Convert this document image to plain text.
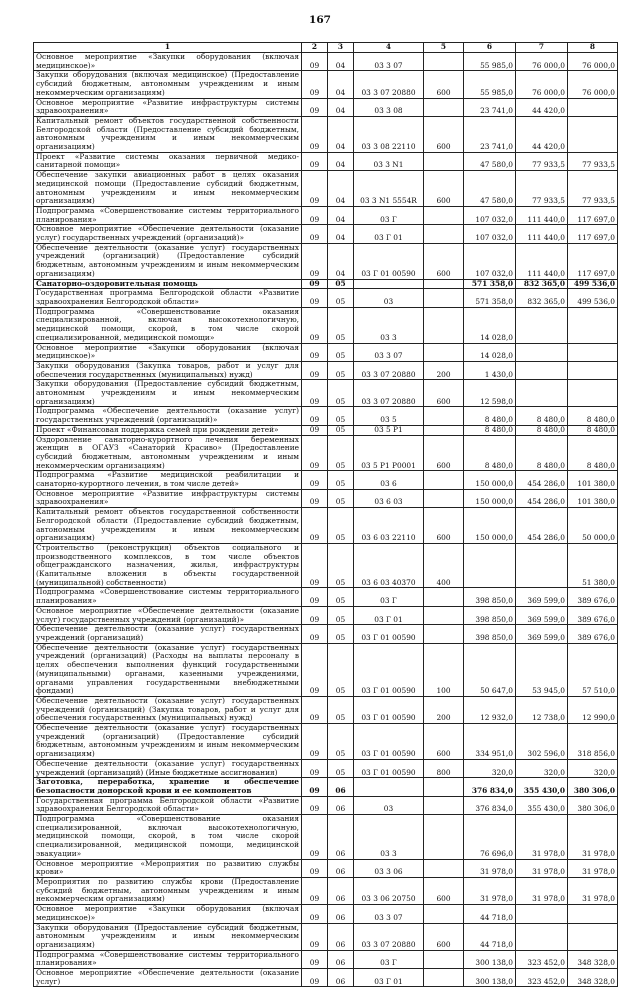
167
1	2	3	4	5	6	7	8
Основное мероприятие «Закупки оборудования (включая медицинское)»	09	04	03 3 07		55 985,0	76 000,0	76 000,0
Закупки оборудования (включая медицинское) (Предоставление субсидий бюджетным, автономным учреждениям и иным некоммерческим организациям)	09	04	03 3 07 20880	600	55 985,0	76 000,0	76 000,0
Основное мероприятие «Развитие инфраструктуры системы здравоохранения»	09	04	03 3 08		23 741,0	44 420,0	
Капитальный ремонт объектов государственной собственности Белгородской области (Предоставление субсидий бюджетным, автономным учреждениям и иным некоммерческим организациям)	09	04	03 3 08 22110	600	23 741,0	44 420,0	
Проект «Развитие системы оказания первичной медико-санитарной помощи»	09	04	03 3 N1		47 580,0	77 933,5	77 933,5
Обеспечение закупки авиационных работ в целях оказания медицинской помощи (Предоставление субсидий бюджетным, автономным учреждениям и иным некоммерческим организациям)	09	04	03 3 N1 5554R	600	47 580,0	77 933,5	77 933,5
Подпрограмма «Совершенствование системы территориального планирования»	09	04	03 Г		107 032,0	111 440,0	117 697,0
Основное мероприятие «Обеспечение деятельности (оказание услуг) государственных учреждений (организаций)»	09	04	03 Г 01		107 032,0	111 440,0	117 697,0
Обеспечение деятельности (оказание услуг) государственных учреждений (организаций) (Предоставление субсидий бюджетным, автономным учреждениям и иным некоммерческим организациям)	09	04	03 Г 01 00590	600	107 032,0	111 440,0	117 697,0
Санаторно-оздоровительная помощь	09	05			571 358,0	832 365,0	499 536,0
Государственная программа Белгородской области «Развитие здравоохранения Белгородской области»	09	05	03		571 358,0	832 365,0	499 536,0
Подпрограмма «Совершенствование оказания специализированной, включая высокотехнологичную, медицинской помощи, скорой, в том числе скорой специализированной, медицинской помощи»	09	05	03 3		14 028,0		
Основное мероприятие «Закупки оборудования (включая медицинское)»	09	05	03 3 07		14 028,0		
Закупки оборудования (Закупка товаров, работ и услуг для обеспечения государственных (муниципальных) нужд)	09	05	03 3 07 20880	200	1 430,0		
Закупки оборудования (Предоставление субсидий бюджетным, автономным учреждениям и иным некоммерческим организациям)	09	05	03 3 07 20880	600	12 598,0		
Подпрограмма «Обеспечение деятельности (оказание услуг) государственных учреждений (организаций)»	09	05	03 5		8 480,0	8 480,0	8 480,0
Проект «Финансовая поддержка семей при рождении детей»	09	05	03 5 P1		8 480,0	8 480,0	8 480,0
Оздоровление санаторно-курортного лечения беременных женщин в ОГАУЗ «Санаторий Красиво» (Предоставление субсидий бюджетным, автономным учреждениям и иным некоммерческим организациям)	09	05	03 5 P1 P0001	600	8 480,0	8 480,0	8 480,0
Подпрограмма «Развитие медицинской реабилитации и санаторно-курортного лечения, в том числе детей»	09	05	03 6		150 000,0	454 286,0	101 380,0
Основное мероприятие «Развитие инфраструктуры системы здравоохранения»	09	05	03 6 03		150 000,0	454 286,0	101 380,0
Капитальный ремонт объектов государственной собственности Белгородской области (Предоставление субсидий бюджетным, автономным учреждениям и иным некоммерческим организациям)	09	05	03 6 03 22110	600	150 000,0	454 286,0	50 000,0
Строительство (реконструкция) объектов социального и производственного комплексов, в том числе объектов общегражданского назначения, жилья, инфраструктуры (Капитальные вложения в объекты государственной (муниципальной) собственности)	09	05	03 6 03 40370	400			51 380,0
Подпрограмма «Совершенствование системы территориального планирования»	09	05	03 Г		398 850,0	369 599,0	389 676,0
Основное мероприятие «Обеспечение деятельности (оказание услуг) государственных учреждений (организаций)»	09	05	03 Г 01		398 850,0	369 599,0	389 676,0
Обеспечение деятельности (оказание услуг) государственных учреждений (организаций)	09	05	03 Г 01 00590		398 850,0	369 599,0	389 676,0
Обеспечение деятельности (оказание услуг) государственных учреждений (организаций) (Расходы на выплаты персоналу в целях обеспечения выполнения функций государственными (муниципальными) органами, казенными учреждениями, органами управления государственными внебюджетными фондами)	09	05	03 Г 01 00590	100	50 647,0	53 945,0	57 510,0
Обеспечение деятельности (оказание услуг) государственных учреждений (организаций) (Закупка товаров, работ и услуг для обеспечения государственных (муниципальных) нужд)	09	05	03 Г 01 00590	200	12 932,0	12 738,0	12 990,0
Обеспечение деятельности (оказание услуг) государственных учреждений (организаций) (Предоставление субсидий бюджетным, автономным учреждениям и иным некоммерческим организациям)	09	05	03 Г 01 00590	600	334 951,0	302 596,0	318 856,0
Обеспечение деятельности (оказание услуг) государственных учреждений (организаций) (Иные бюджетные ассигнования)	09	05	03 Г 01 00590	800	320,0	320,0	320,0
Заготовка, переработка, хранение и обеспечение безопасности донорской крови и ее компонентов	09	06			376 834,0	355 430,0	380 306,0
Государственная программа Белгородской области «Развитие здравоохранения Белгородской области»	09	06	03		376 834,0	355 430,0	380 306,0
Подпрограмма «Совершенствование оказания специализированной, включая высокотехнологичную, медицинской помощи, скорой, в том числе скорой специализированной, медицинской помощи, медицинской эвакуации»	09	06	03 3		76 696,0	31 978,0	31 978,0
Основное мероприятие «Мероприятия по развитию службы крови»	09	06	03 3 06		31 978,0	31 978,0	31 978,0
Мероприятия по развитию службы крови (Предоставление субсидий бюджетным, автономным учреждениям и иным некоммерческим организациям)	09	06	03 3 06 20750	600	31 978,0	31 978,0	31 978,0
Основное мероприятие «Закупки оборудования (включая медицинское)»	09	06	03 3 07		44 718,0		
Закупки оборудования (Предоставление субсидий бюджетным, автономным учреждениям и иным некоммерческим организациям)	09	06	03 3 07 20880	600	44 718,0		
Подпрограмма «Совершенствование системы территориального планирования»	09	06	03 Г		300 138,0	323 452,0	348 328,0
Основное мероприятие «Обеспечение деятельности (оказание услуг)	09	06	03 Г 01		300 138,0	323 452,0	348 328,0
